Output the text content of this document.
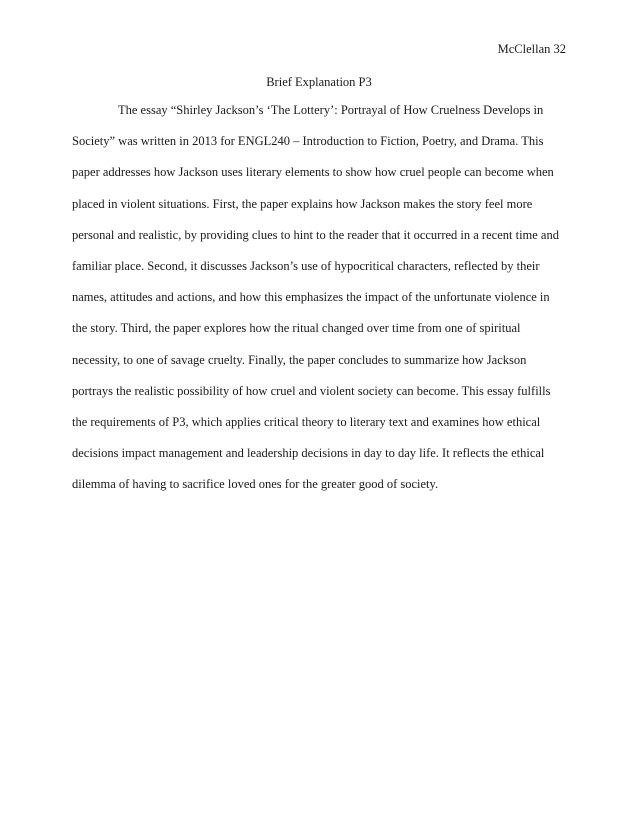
McClellan 32
Brief Explanation P3
The essay “Shirley Jackson’s ‘The Lottery’: Portrayal of How Cruelness Develops in
Society” was written in 2013 for ENGL240 – Introduction to Fiction, Poetry, and Drama. This
paper addresses how Jackson uses literary elements to show how cruel people can become when
placed in violent situations. First, the paper explains how Jackson makes the story feel more
personal and realistic, by providing clues to hint to the reader that it occurred in a recent time and
familiar place. Second, it discusses Jackson’s use of hypocritical characters, reflected by their
names, attitudes and actions, and how this emphasizes the impact of the unfortunate violence in
the story. Third, the paper explores how the ritual changed over time from one of spiritual
necessity, to one of savage cruelty. Finally, the paper concludes to summarize how Jackson
portrays the realistic possibility of how cruel and violent society can become. This essay fulfills
the requirements of P3, which applies critical theory to literary text and examines how ethical
decisions impact management and leadership decisions in day to day life. It reflects the ethical
dilemma of having to sacrifice loved ones for the greater good of society.
